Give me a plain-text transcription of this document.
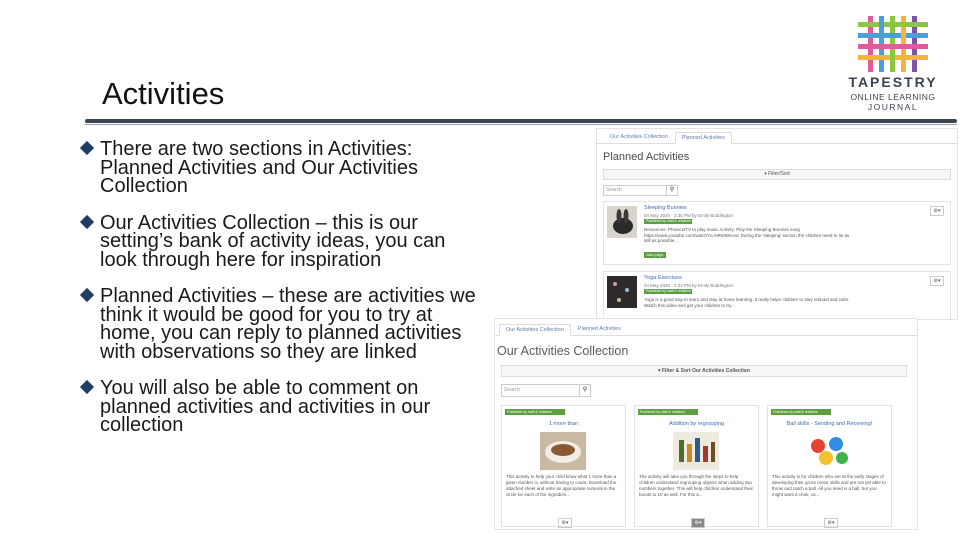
Activities	TAPESTRY
ONLINE LEARNING
JOURNAL
There are two sections in Activities: Planned Activities and Our Activities Collection
Our Activities Collection – this is our setting’s bank of activity ideas, you can look through here for inspiration
Planned Activities – these are activities we think it would be good for you to try at home, you can reply to planned activities with observations so they are linked
You will also be able to comment on planned activities and activities in our collection
Our Activities Collection	Planned Activities
Planned Activities
▾ Filter/Sort
Search	⚲
Sleeping Bunnies
04 May 2020 · 2:35 PM by Emily Boddington
Published by staff & relatives
Resources: Phonics/TV to play music Activity: Play the Sleeping Bunnies song https://www.youtube.com/watch?v=NRMIWvosc During the 'sleeping' section the children need to lie as still as possible...
Add page
⚙▾
Yoga Exercises
04 May 2020 · 2:23 PM by Emily Boddington
Published by staff & relatives
Yoga is a good way to learn and stay at home learning. It really helps children to stay relaxed and calm. Watch this video and get your children to try...
⚙▾
Our Activities Collection	Planned Activities
Our Activities Collection
▾ Filter & Sort Our Activities Collection
Search	⚲
Published by staff & relatives
1 more than
This activity to help your child know what 1 more than a given number is, without having to count. Download the attached sheet and write an appropriate numeral in the circle for each of the ingredien...
⚙▾
Published by staff & relatives
Addition by regrouping
The activity will take you through the steps to help children understand regrouping objects when adding two numbers together. This will help children understand their bonds to 10 as well. For this a...
⚙▾
Published by staff & relatives
Ball skills - Sending and Receiving!
This activity is for children who are at the early stages of developing their gross motor skills and are not yet able to throw and catch a ball. All you need is a ball, but you might want a chair, ca...
⚙▾
